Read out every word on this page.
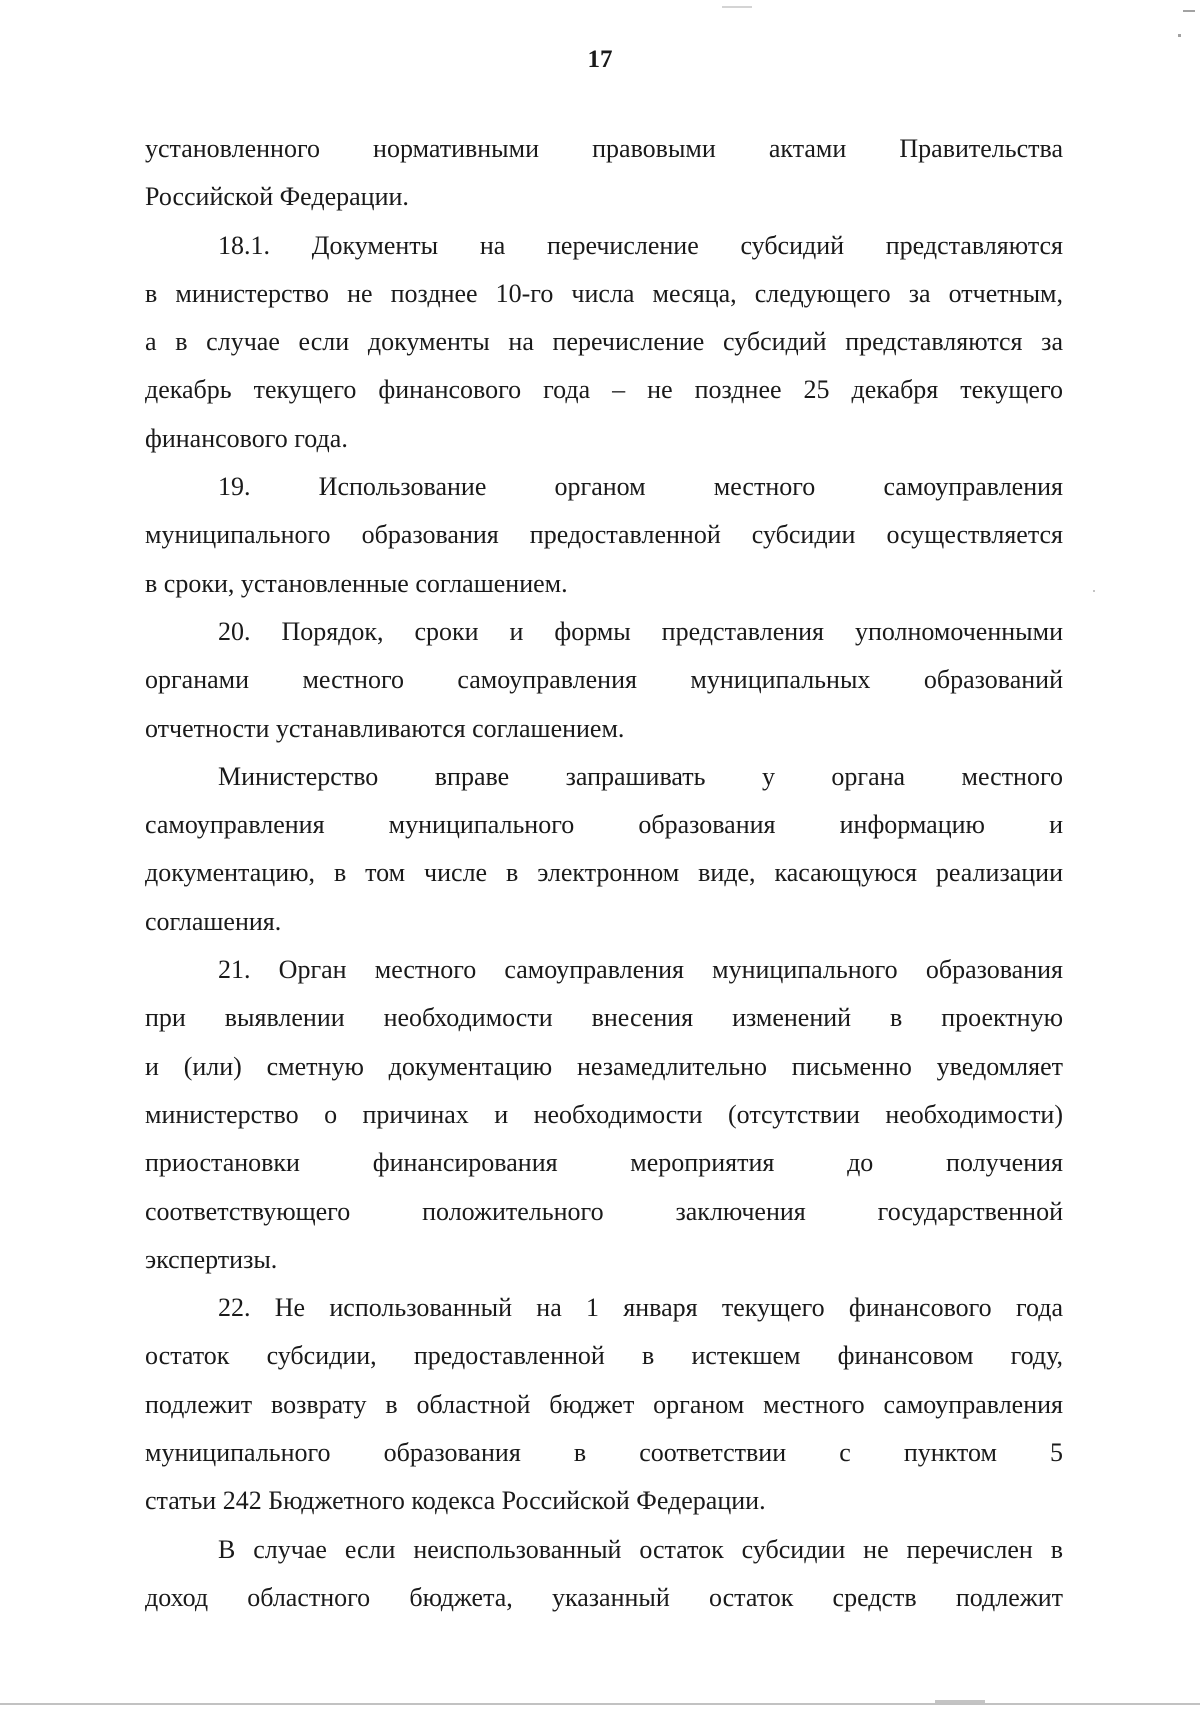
17
установленного нормативными правовыми актами Правительства
Российской Федерации.
18.1. Документы на перечисление субсидий представляются
в министерство не позднее 10-го числа месяца, следующего за отчетным,
а в случае если документы на перечисление субсидий представляются за
декабрь текущего финансового года – не позднее 25 декабря текущего
финансового года.
19. Использование органом местного самоуправления
муниципального образования предоставленной субсидии осуществляется
в сроки, установленные соглашением.
20. Порядок, сроки и формы представления уполномоченными
органами местного самоуправления муниципальных образований
отчетности устанавливаются соглашением.
Министерство вправе запрашивать у органа местного
самоуправления муниципального образования информацию и
документацию, в том числе в электронном виде, касающуюся реализации
соглашения.
21. Орган местного самоуправления муниципального образования
при выявлении необходимости внесения изменений в проектную
и (или) сметную документацию незамедлительно письменно уведомляет
министерство о причинах и необходимости (отсутствии необходимости)
приостановки финансирования мероприятия до получения
соответствующего положительного заключения государственной
экспертизы.
22. Не использованный на 1 января текущего финансового года
остаток субсидии, предоставленной в истекшем финансовом году,
подлежит возврату в областной бюджет органом местного самоуправления
муниципального образования в соответствии с пунктом 5
статьи 242 Бюджетного кодекса Российской Федерации.
В случае если неиспользованный остаток субсидии не перечислен в
доход областного бюджета, указанный остаток средств подлежит
